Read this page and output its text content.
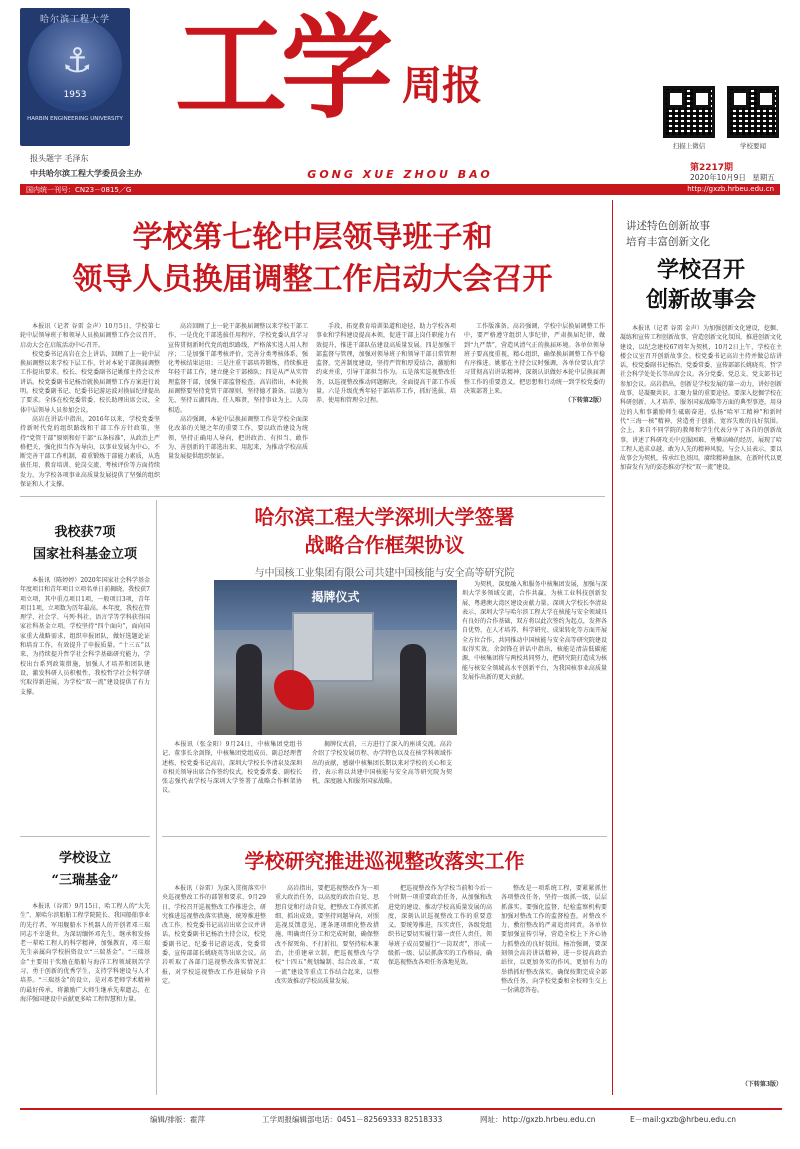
⚓
哈尔滨工程大学
1953
HARBIN ENGINEERING UNIVERSITY 工学 周报
GONG XUE ZHOU BAO
报头题字 毛泽东
中共哈尔滨工程大学委员会主办
扫描上微信	学校要闻
第2217期
2020年10月9日 星期五
国内统一刊号：CN23－0815／G	http://gxzb.hrbeu.edu.cn
学校第七轮中层领导班子和
领导人员换届调整工作启动大会召开

本报讯（记者 谷雷 金声）10月5日，学校第七轮中层领导班子和领导人员换届调整工作会议召开，启动大会在启航活动中心召开。

校党委书记高岩在会上讲话，回顾了上一轮中层换届调整以来学校下层工作，针对本轮干部换届调整工作提出要求。校长、校党委副书记姚郁主持会议并讲话。校党委副书记杨冶就换届调整工作方案进行说明。校党委副书记、纪委书记游运波对换届纪律提出了要求。全体在校党委常委、校长助理出席会议，全体中层领导人员参加会议。

高岩在讲话中指出，2016年以来，学校党委坚持新时代党的组织路线和干部工作方针政策，坚持“党管干部”原则和好干部“五条标准”，从政治上严格把关，强化担当作为导向，以事业发展为中心，不断完善干部工作机制，着重锻炼干部能力素质，从选拔任用、教育培训、轮岗交流、考核评价等方面持续发力，为学校各项事业高质量发展提供了坚强的组织保证和人才支撑。

高岩回顾了上一轮干部换届调整以来学校干部工作，一是优化干部选拔任用程序，学校党委认真学习宣传贯彻新时代党的组织路线，严格落实选人用人程序；二是加强干部考核评价，完善分类考核体系，强化考核结果运用；三是注重干部培养锻炼，持续推进年轻干部工作，建立健全干部梯队；四是从严从实管理监督干部，加强干部监督检查。高岩指出，本轮换届调整要坚持党管干部原则，坚持德才兼备、以德为先，坚持五湖四海、任人唯贤，坚持事业为上、人岗相适。

高岩强调，本轮中层换届调整工作是学校全面深化改革的关键之年的重要工作，要以政治建设为统领，坚持正确用人导向，把讲政治、有担当、敢作为、善创新的干部选出来、用起来，为推动学校高质量发展提供组织保证。

手段，拓宽教育培训渠道和途径，助力学校各项事业和学科建设提高本领，促进干部上岗任职能力有效提升，推进干部队伍建设高质量发展。四是加强干部监督与管理，加强对领导班子和领导干部日常管理监督，完善制度建设，坚持严管和厚爱结合，激励和约束并重，引导干部担当作为。五是落实巡视整改任务，以巡视整改推动问题解决，全面提高干部工作质量。六是升级优秀年轻干部培养工作，抓好选拔、培养、使用和管理全过程。

工作版准备。高岩强调，学校中层换届调整工作中，要严格遵守组织人事纪律，严肃换届纪律，做到“九严禁”，营造风清气正的换届环境。各单位领导班子要高度重视，精心组织，确保换届调整工作平稳有序推进。姚郁在主持会议时强调，各单位要认真学习贯彻高岩讲话精神，深刻认识做好本轮中层换届调整工作的重要意义，把思想和行动统一到学校党委的决策部署上来。

（下转第2版）
讲述特色创新故事
培育丰富创新文化
学校召开
创新故事会

本报讯（记者 谷雷 金声）为加强创新文化建设，挖掘、凝练和宣传工程创新故事，营造创新文化氛围，推进创新文化建设，以纪念建校67周年为契机，10月2日上午，学校在主楼会议室召开创新故事会。校党委书记高岩主持并做总结讲话，校党委副书记杨冶、党委常委、宣传部部长姚晓英、哲学社会科学处处长等出席会议。各分党委、党总支、党支部书记参加会议。高岩指出，创新是学校发展的第一动力，讲好创新故事，是凝聚共识、汇聚力量的重要途径。要深入挖掘学校在科研创新、人才培养、服务国家战略等方面的典型事迹，用身边的人和事激励师生砥砺奋进，弘扬“哈军工精神”和新时代“三海一核”精神，营造勇于创新、宽容失败的良好氛围。会上，来自不同学院的教师和学生代表分享了各自的创新故事，讲述了科研攻关中克服困难、勇攀高峰的经历，展现了哈工程人追求卓越、敢为人先的精神风貌。与会人员表示，要以故事会为契机，传承红色基因，赓续精神血脉，在新时代以更加奋发有为的姿态推动学校“双一流”建设。

（下转第3版）
我校获7项
国家社科基金立项

本报讯（陈婷婷）2020年国家社会科学基金年度项目和青年项目立项名单日前揭晓，我校获7项立项，其中重点项目1项，一般项目3项，青年项目1项，立项数为历年最高。本年度，我校在管理学、社会学、马列·科社、语言学等学科获得国家社科基金立项。学校坚持“四个面向”，面向国家重大战略需求，组织申报团队，做好选题论证和培育工作，有效提升了申报质量。“十三五”以来，为持续提升哲学社会科学基础研究能力，学校出台系列政策措施，加强人才培养和团队建设，激发科研人员积极性，我校哲学社会科学研究取得新进展，为学校“双一流”建设提供了有力支撑。

学校设立
“三瑞基金”

本报讯（谷雷）9月15日，哈工程人的“大先生”、原哈尔滨船舶工程学院院长、我国船舶事业的先行者、军用舰船水下机器人的开创者邓三瑞同志不幸逝世。为深切缅怀邓先生，继承和发扬老一辈哈工程人的科学精神，加强教育，邓三瑞先生亲属向学校捐资设立“三瑞基金”。“三瑞基金”主要用于奖励在船舶与海洋工程领域刻苦学习、勇于创新的优秀学生，支持学科建设与人才培养。“三瑞基金”的设立，是对邓老师学术精神的最好传承，将激励广大师生继承先辈遗志，在海洋强国建设中贡献更多哈工程智慧和力量。

哈尔滨工程大学深圳大学签署
战略合作框架协议
与中国核工业集团有限公司共建中国核能与安全高等研究院
揭牌仪式

本报讯（张金阳）9月24日，中核集团党组书记、董事长余剑锋，中核集团党组成员、副总经理曹述栋，校党委书记高岩，深圳大学校长李清泉及深圳市相关领导出席合作签约仪式。校党委常委、副校长张志强代表学校与深圳大学签署了战略合作框架协议。

揭牌仪式前，三方进行了深入的座谈交流。高岩介绍了学校发展历程、办学特色以及在核学科领域作出的贡献，感谢中核集团长期以来对学校的关心和支持，表示将以共建中国核能与安全高等研究院为契机，深度融入和服务国家战略。

为契机，深度融入和服务中核集团发展，加强与深圳大学多领域交流，合作共赢，为核工业科技创新发展、粤港澳大湾区建设贡献力量。深圳大学校长李清泉表示，深圳大学与哈尔滨工程大学在核能与安全领域具有良好的合作基础，双方将以此次签约为起点，发挥各自优势，在人才培养、科学研究、成果转化等方面开展全方位合作，共同推动中国核能与安全高等研究院建设取得实效。余剑锋在讲话中指出，核能是清洁低碳能源，中核集团将与两校共同努力，把研究院打造成为核能与核安全领域高水平创新平台，为我国核事业高质量发展作出新的更大贡献。

学校研究推进巡视整改落实工作

本报讯（谷雷）为深入贯彻落实中央巡视整改工作的部署和要求，9月29日，学校召开巡视整改工作推进会，研究推进巡视整改落实措施，统筹推进整改工作。校党委书记高岩出席会议并讲话，校党委副书记杨冶主持会议，校党委副书记、纪委书记游运波，党委常委、宣传部部长姚晓英等出席会议。高岩听取了各部门巡视整改落实情况汇报，对学校巡视整改工作进展给予肯定。

高岩指出，要把巡视整改作为一项重大政治任务，以高度的政治自觉、思想自觉和行动自觉，把整改工作抓实抓细、抓出成效。要坚持问题导向，对照巡视反馈意见，逐条逐项细化整改措施，明确责任分工和完成时限，确保整改不留死角、不打折扣。要坚持标本兼治，注重建章立制，把巡视整改与学校“十四五”规划编制、综合改革、“双一流”建设等重点工作结合起来，以整改实效推动学校高质量发展。

把巡视整改作为学校当前和今后一个时期一项重要政治任务，从加强和改进党的建设、推动学校高质量发展的高度，深刻认识巡视整改工作的重要意义。要统筹推进，压实责任，各级党组织书记要切实履行第一责任人责任，领导班子成员要履行“一岗双责”，形成一级抓一级、层层抓落实的工作格局，确保巡视整改各项任务落地见效。

整改是一项系统工程，要紧紧抓住各项整改任务，坚持一级抓一级，层层抓落实。要强化监督，纪检监察机构要加强对整改工作的监督检查，对整改不力、敷衍整改的严肃追责问责。各单位要加强宣传引导，营造全校上下齐心协力抓整改的良好氛围。杨冶强调，要深刻领会高岩讲话精神，进一步提高政治站位，以更加务实的作风、更加有力的举措抓好整改落实，确保按期完成全部整改任务，向学校党委和全校师生交上一份满意答卷。

编辑/排版：霍萍	工学周报编辑部电话：0451－82569333 82518333	网址：http://gxzb.hrbeu.edu.cn	E－mail:gxzb@hrbeu.edu.cn
